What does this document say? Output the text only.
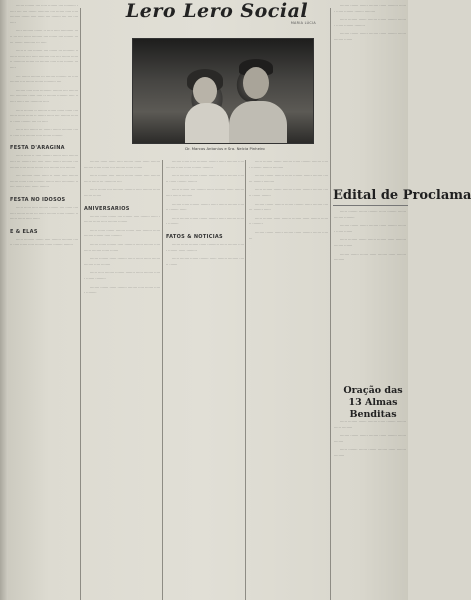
Lero Lero Social
MARIA LÚCIA
Dr. Marcos Antonius e Sra. Nelcia Pinheiro

······· ········ ···· ····· ········ ···· ·········· ······ ···· ···· ······· ·········· ···· ······· ····· ····· ········· ······· ····· ······ ···· ········ ···· ···· ·········

····· ········· ······· ·· ····· ····· ··········· ····· ··· ···· ······ ········· ···· ······· ···· ········ ······ ······· ·········· ··· ·····

······ ·· ···· ········ ···· ······· ··· ·········· ········ ······ ···· ····· ········· ···· ···· ······· ········ ·········· ······· ··· ········ ····· ····· ········ ········

···· ······· ········ ··· ········ ········· ··· ····· ········ ···· ······· ······· ·········· ····

········ ····· ····· ·········· ········ ···· ········ ···· ·········· ······ ····· ·· ········ ········· ····· ······· ······ ···· ·········· ·····

······ ········ ·· ········ ······· ······ ······ ·········· ······ ······ ·· ······· ······ ···· ········ ········ ······ ········ ···· ··· ·····

······ ···· ······· ··· ······· ······· ········· ······ ····· ···· ········ ····· ······· ·········

FESTA D'ARAGINA

······ ······ ·· ····· ········ ······· ····· ········ ····· ··· ········ ···· ····· ······ ······· ········· ···· ········ ····· ······ ······· ···· ········ ···· ········

···· ········· ······ ······ ·· ······ ····· ········ ······· ······ ····· ········· ······· ····· ··········· ······ ······· ····· ······ ········

FESTA NO IDOSOS

······ ······ ····· ········ ········ ···· ······ ········· ······· ······ ··· ······ ········ ······ ········ ········ ······ ····· ······

E & ELAS

······ ········· ······· ····· ········ ········· ······ ····· ······ ····· ········ ······ ········ ········

········ ······ ······ ····· ········ ······ ······ ········ ········ ······ ······ ···· ········ ······ ·······

······ ········ ····· ······· ······· ······· ····· ········ ······ ······ ··· ·········· ····

······ ······· ···· ········· ········· ····· ········ ······ ······· ·······

ANIVERSARIOS

········ ······ ······· ···· ········ ····· ········ ······ ········ ······ ····· ········ ········

······ ······ ······· ········ ······· ····· ········ ······ ········ ········ ····· ·········

······· ······ ········ ····· ········· ······ ········ ····· ······ ········ ······ ·······

······· ········ ······ ········ ······ ······ ······ ······· ········ ····· ········

······ ····· ········ ········ ········ ······ ········ ······ ······· ·········

········ ······· ······ ········ ········ ····· ······· ······ ·········

········ ······ ····· ········· ········ ······ ········· ····· ········ ······ ······ ········ ·········

······ ········ ······· ······· ········· ······ ········ ······· ······ ········ ········

······ ········ ···· ········ ······ ········· ······ ········ ····· ······· ·········

········ ······ ········ ········ ······ ······· ········ ······· ········ ······

······ ········ ······· ······· ········ ······ ········ ······· ·········

FATOS & NOTICIAS

······· ······ ········ ······ ·········· ······ ········ ······ ········ ······ ·········

······ ········ ······· ········ ······ ········ ········· ······ ·······

······ ········ ······· ········ ······ ········ ········ ······ ········· ········ ·········

········ ······· ········ ······ ········ ······· ········ ······· ········ ·········

······ ········ ······· ········ ······· ········ ········ ······ ······· ········

········ ······· ········ ······· ········ ······ ········ ······· ········ ······

······ ········ ······ ········ ········ ······ ········ ········ ·········

········ ······· ······· ········ ······ ········ ······· ········

········ ······· ······· ········ ······ ········· ······· ······ ········ ········ ·········

······ ········ ······· ········ ······· ········ ········ ······ ········ ·········

········ ······· ······· ········ ······ ········ ······· ········ ·······

Edital de Proclama

······ ········ ······· ········ ······ ········ ······· ········ ·········

········ ······· ······· ········ ······ ········ ········ ······ ·······

······ ········ ······· ······· ········ ······ ········· ········ ·······

········ ······· ······· ······ ········ ······ ········ ·········

Oração das 13 Almas Benditas

······ ········ ······· ········ ······ ········ ········ ······ ·········

········ ······· ······· ········ ······ ········ ······· ········

······ ········ ······· ······· ········ ······ ········ ·········
